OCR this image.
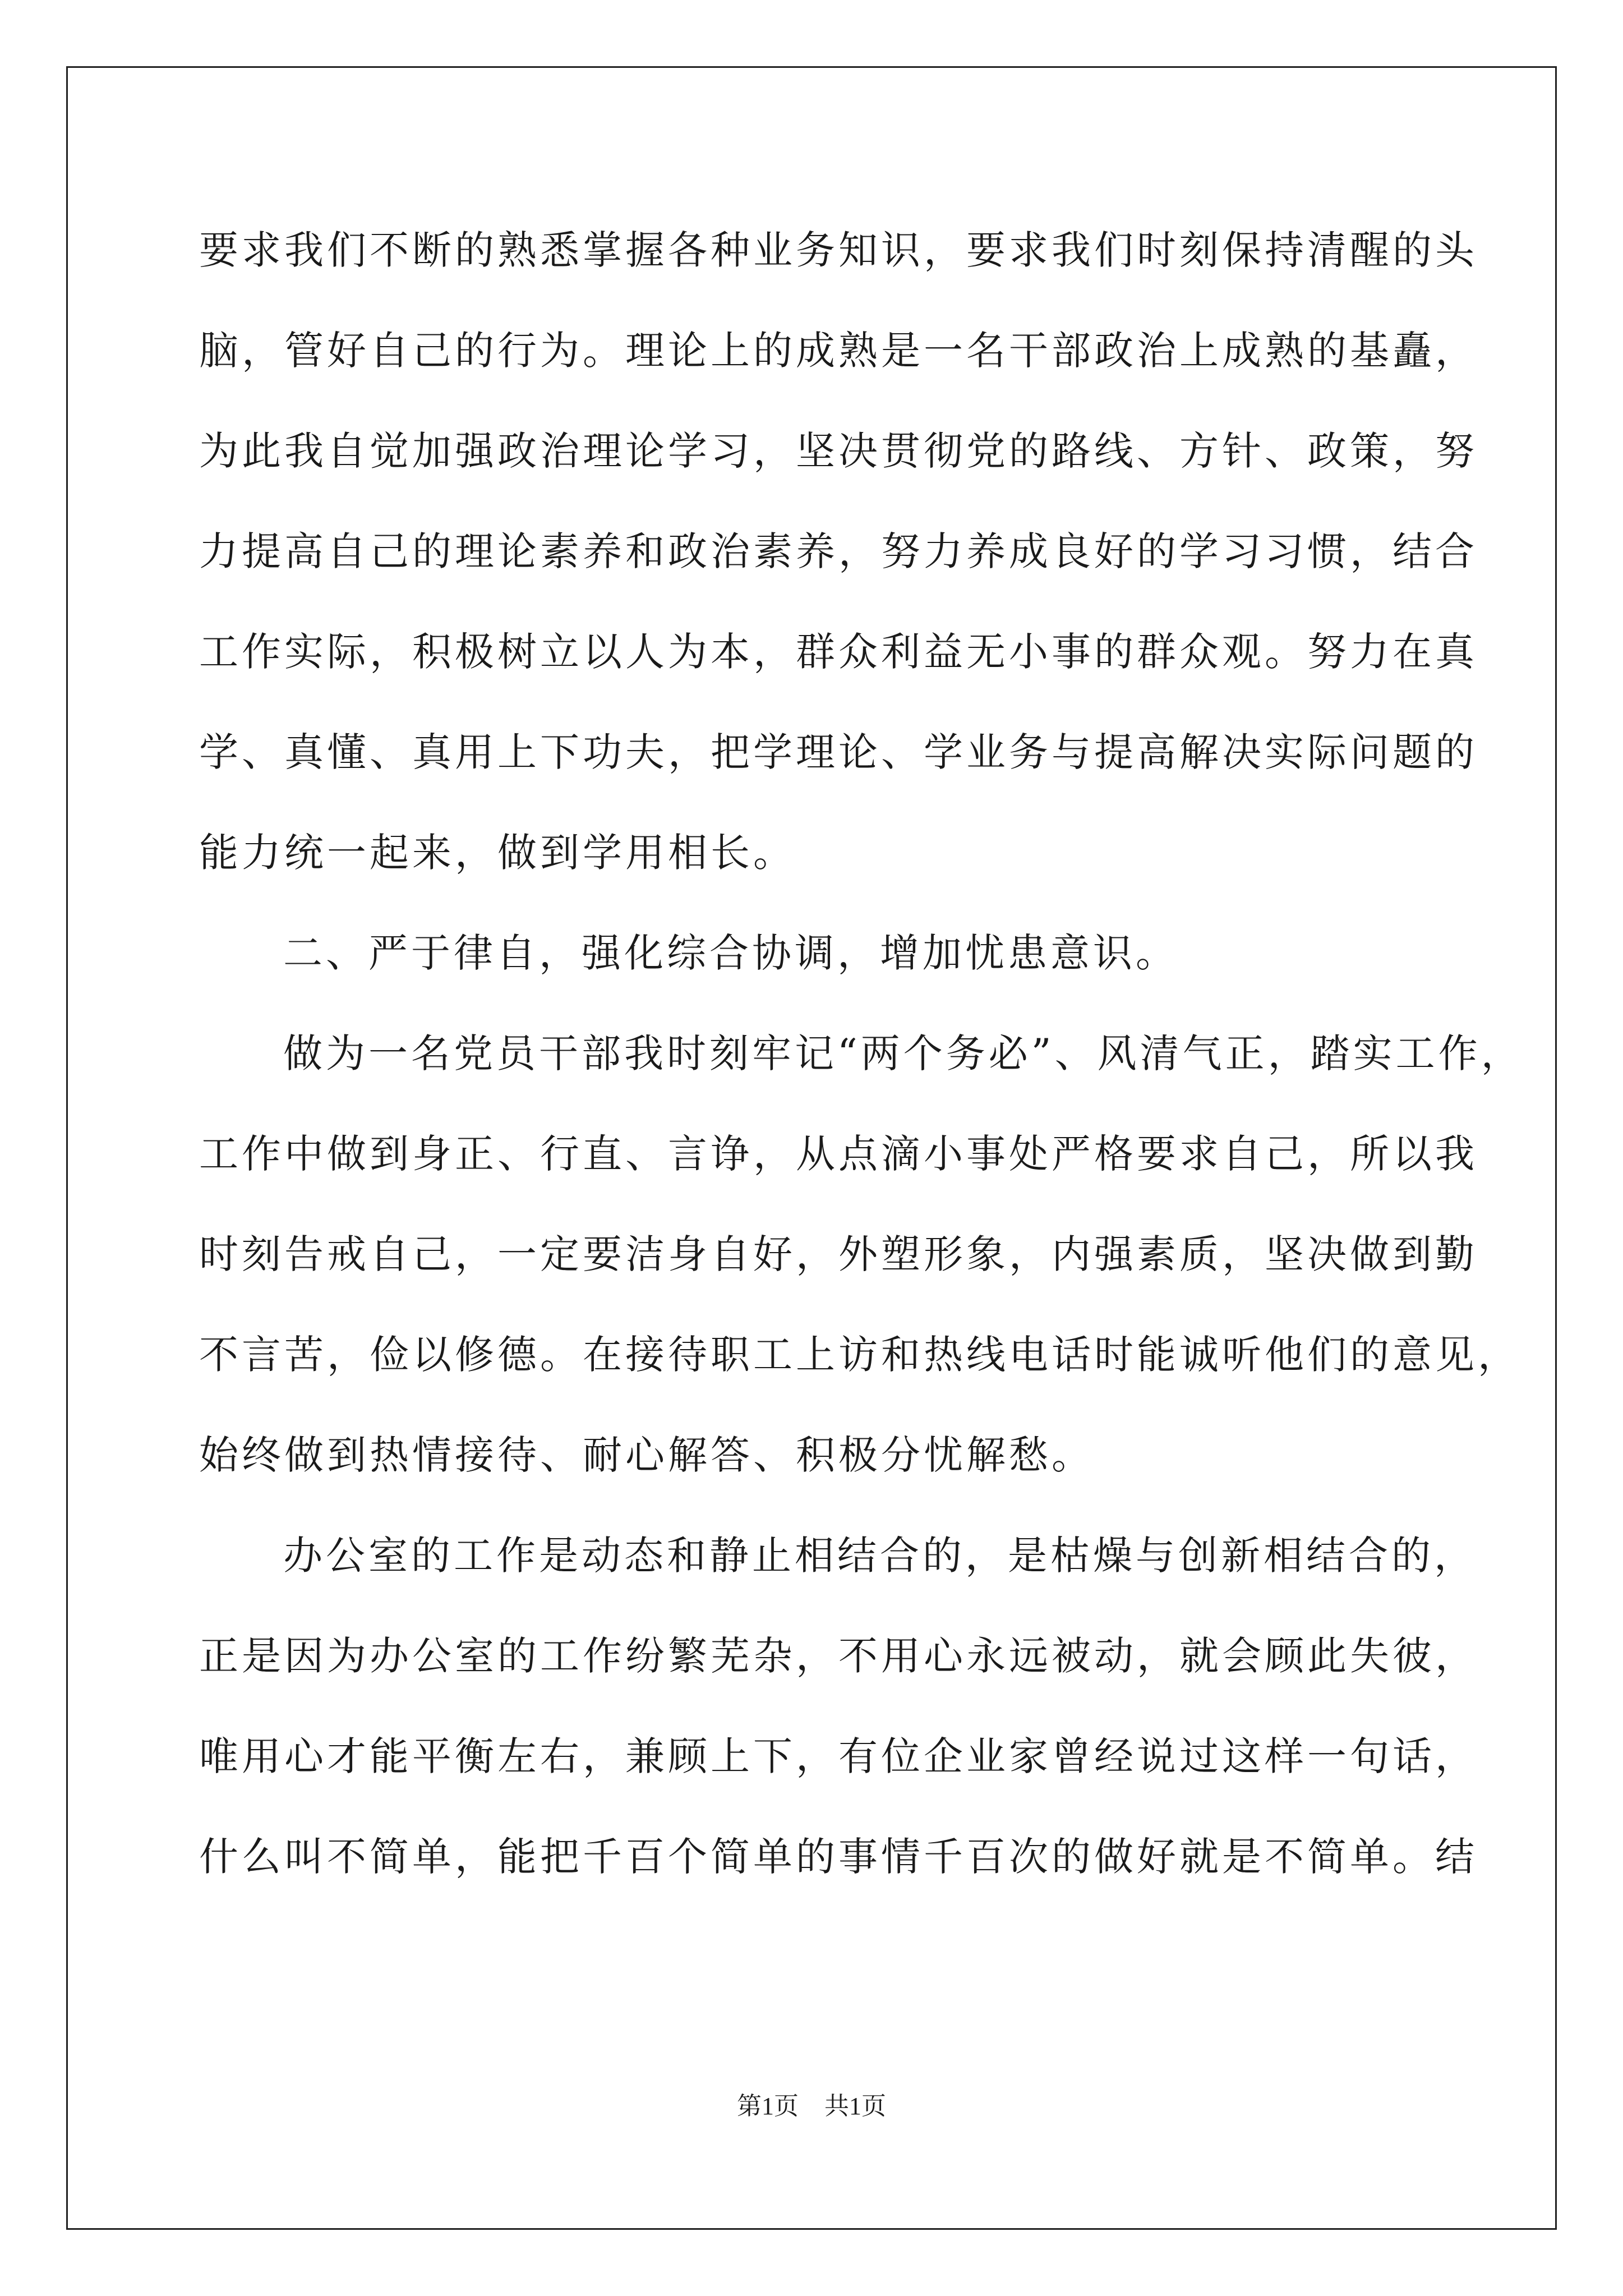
要求我们不断的熟悉掌握各种业务知识，要求我们时刻保持清醒的头
脑，管好自己的行为。理论上的成熟是一名干部政治上成熟的基矗，
为此我自觉加强政治理论学习，坚决贯彻党的路线、方针、政策，努
力提高自己的理论素养和政治素养，努力养成良好的学习习惯，结合
工作实际，积极树立以人为本，群众利益无小事的群众观。努力在真
学、真懂、真用上下功夫，把学理论、学业务与提高解决实际问题的
能力统一起来，做到学用相长。
二、严于律自，强化综合协调，增加忧患意识。
做为一名党员干部我时刻牢记“两个务必”、风清气正，踏实工作，
工作中做到身正、行直、言诤，从点滴小事处严格要求自己，所以我
时刻告戒自己，一定要洁身自好，外塑形象，内强素质，坚决做到勤
不言苦，俭以修德。在接待职工上访和热线电话时能诚听他们的意见，
始终做到热情接待、耐心解答、积极分忧解愁。
办公室的工作是动态和静止相结合的，是枯燥与创新相结合的，
正是因为办公室的工作纷繁芜杂，不用心永远被动，就会顾此失彼，
唯用心才能平衡左右，兼顾上下，有位企业家曾经说过这样一句话，
什么叫不简单，能把千百个简单的事情千百次的做好就是不简单。结
第1页 共1页
